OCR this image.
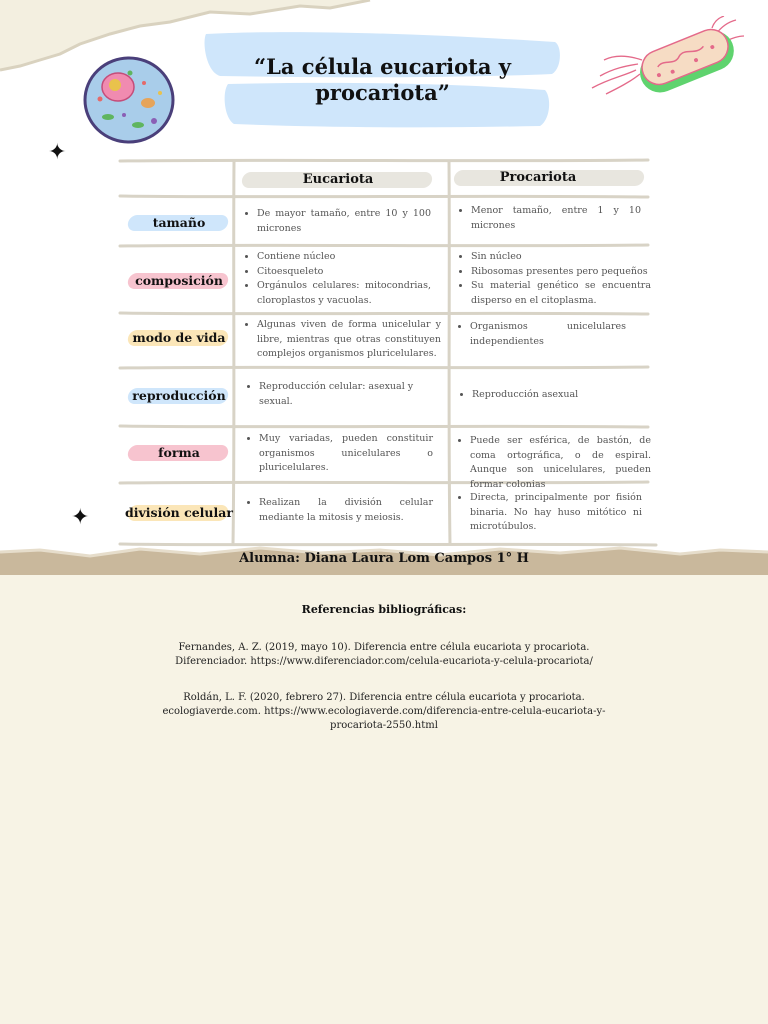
“La célula eucariota y procariota”
✦
✦
Eucariota	Procariota
tamaño
• De mayor tamaño, entre 10 y 100 micrones
• Menor tamaño, entre 1 y 10 micrones
composición
• Contiene núcleo
• Citoesqueleto
• Orgánulos celulares: mitocondrias, cloroplastos y vacuolas.
• Sin núcleo
• Ribosomas presentes pero pequeños
• Su material genético se encuentra disperso en el citoplasma.
modo de vida
• Algunas viven de forma unicelular y libre, mientras que otras constituyen complejos organismos pluricelulares.
• Organismos unicelulares independientes
reproducción
• Reproducción celular: asexual y sexual.
• Reproducción asexual
forma
• Muy variadas, pueden constituir organismos unicelulares o pluricelulares.
• Puede ser esférica, de bastón, de coma ortográfica, o de espiral. Aunque son unicelulares, pueden formar colonias
división celular
• Realizan la división celular mediante la mitosis y meiosis.
• Directa, principalmente por fisión binaria. No hay huso mitótico ni microtúbulos.
Alumna: Diana Laura Lom Campos 1° H
Referencias bibliográficas:
Fernandes, A. Z. (2019, mayo 10). Diferencia entre célula eucariota y procariota. Diferenciador. https://www.diferenciador.com/celula-eucariota-y-celula-procariota/
Roldán, L. F. (2020, febrero 27). Diferencia entre célula eucariota y procariota. ecologiaverde.com. https://www.ecologiaverde.com/diferencia-entre-celula-eucariota-y-procariota-2550.html
